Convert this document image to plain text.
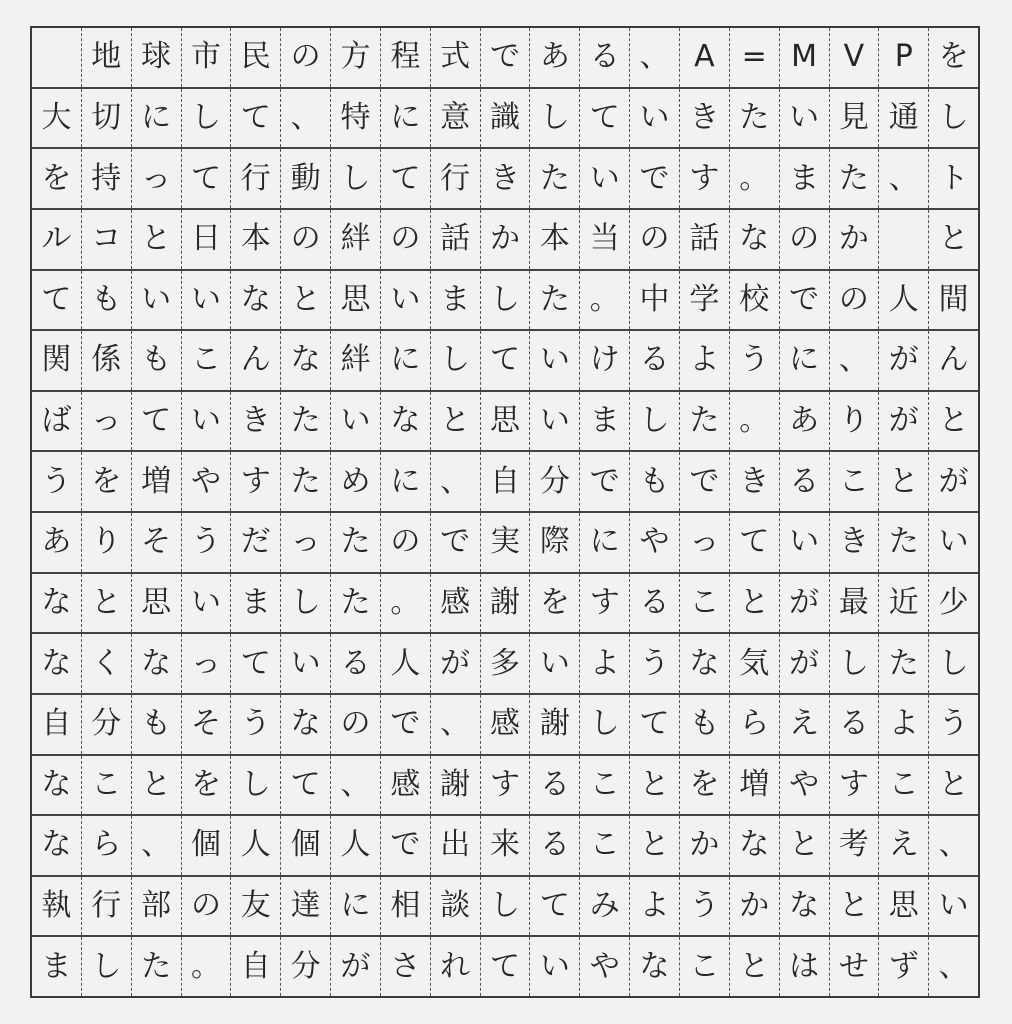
地 球 市 民 の 方 程 式 で あ る 、 A = M V	P を
大 切 に し て 、 特 に 意 識 し て い き た い 見 通 し
を 持 っ て 行 動 し て 行 き た い で す 。 ま た 、 ト
ル コ と 日 本 の 絆 の 話 か 本 当 の 話 な の か	と
て も い い な と 思 い ま し た 。 中 学 校 で の 人 間
関 係 も こ ん な 絆 に し て い け る よ う に 、 が ん
ば っ て い き た い な と 思 い ま し た 。 あ り が と
う を 増 や す た め に 、 自 分 で も で き る こ と が
あ り そ う だ っ た の で 実 際 に や っ て い き た い
な と 思 い ま し た 。 感 謝 を す る こ と が 最 近 少
な く な っ て い る 人 が 多 い よ う な 気 が し た し
自 分 も そ う な の で 、 感 謝 し て も ら え る よ う
な こ と を し て 、 感 謝 す る こ と を 増 や す こ と
な ら 、 個 人 個 人 で 出 来 る こ と か な と 考 え 、
執 行 部 の 友 達 に 相 談 し て み よ う か な と 思 い
ま し た 。 自 分 が さ れ て い や な こ と は せ ず 、
